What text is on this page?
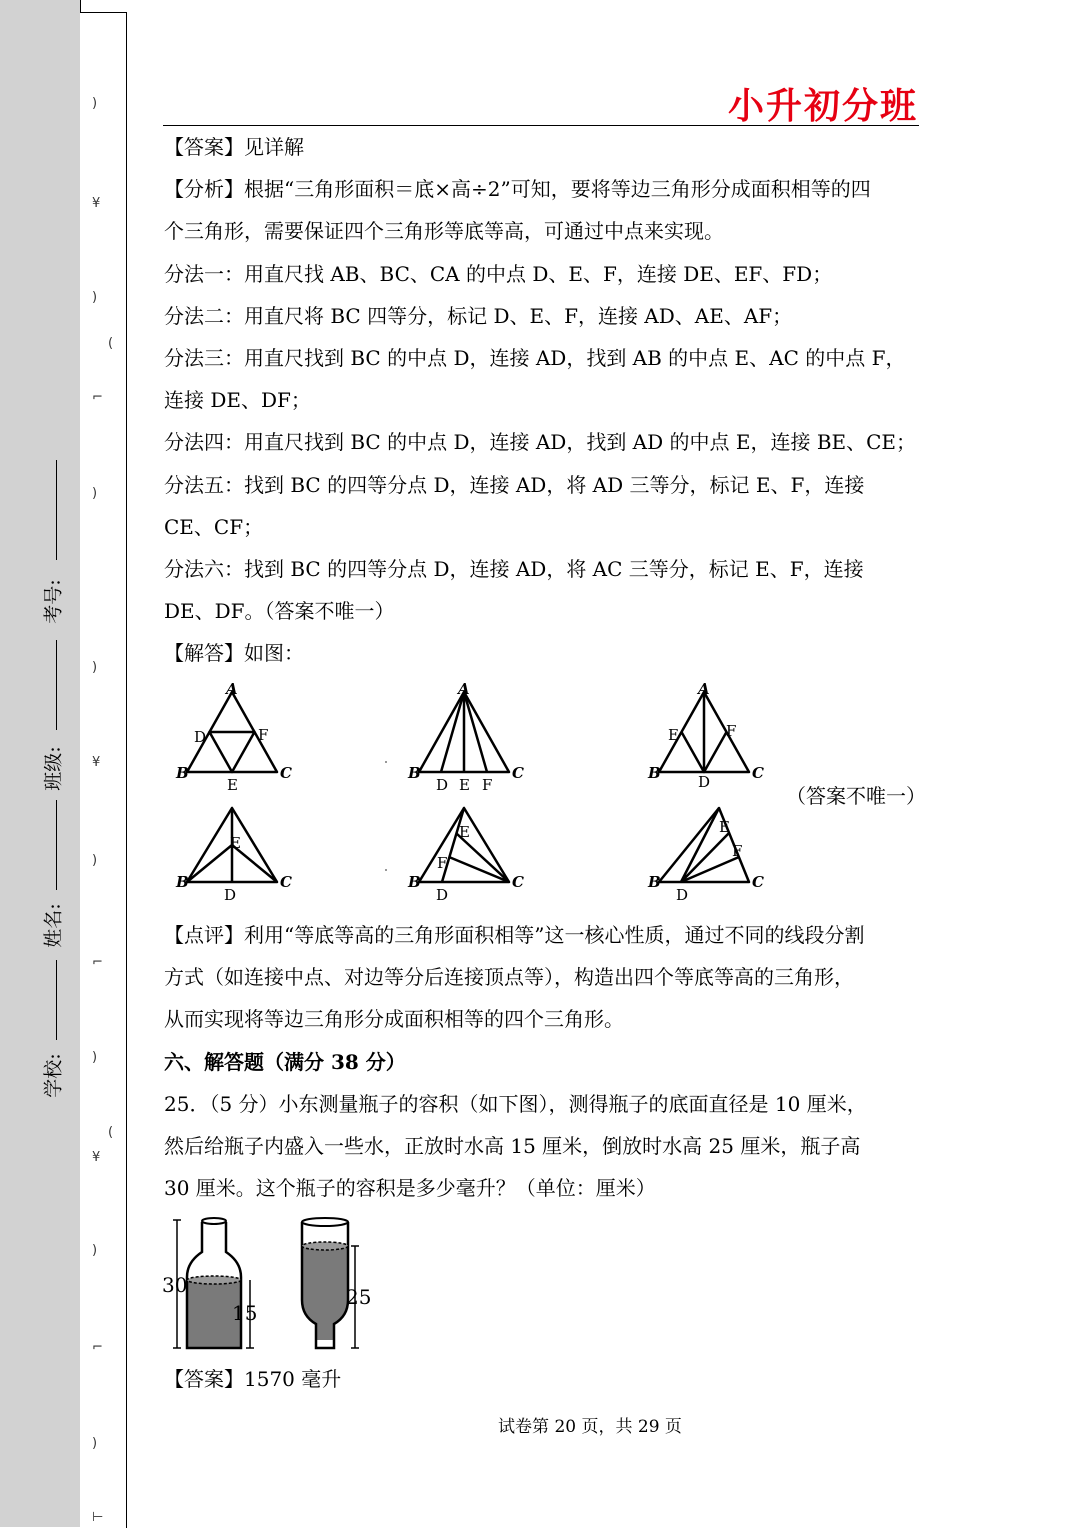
考号:
班级:
姓名:
学校:
)
¥
)
(
⌐
)
)
¥
)
⌐
)
(
¥
)
⌐
)
⊢
小升初分班

【答案】见详解

【分析】根据“三角形面积＝底×高÷2”可知，要将等边三角形分成面积相等的四

个三角形，需要保证四个三角形等底等高，可通过中点来实现。

分法一：用直尺找 AB、BC、CA 的中点 D、E、F，连接 DE、EF、FD；

分法二：用直尺将 BC 四等分，标记 D、E、F，连接 AD、AE、AF；

分法三：用直尺找到 BC 的中点 D，连接 AD，找到 AB 的中点 E、AC 的中点 F，

连接 DE、DF；

分法四：用直尺找到 BC 的中点 D，连接 AD，找到 AD 的中点 E，连接 BE、CE；

分法五：找到 BC 的四等分点 D，连接 AD，将 AD 三等分，标记 E、F，连接

CE、CF；

分法六：找到 BC 的四等分点 D，连接 AD，将 AC 三等分，标记 E、F，连接

DE、DF。（答案不唯一）

【解答】如图：

A
B	C
D	F
E
A
B	C
D E F
A
B	C
E	F
D
B	C
E
D
B	C
E
F
D
B	C
E
F
D
（答案不唯一）

【点评】利用“等底等高的三角形面积相等”这一核心性质，通过不同的线段分割

方式（如连接中点、对边等分后连接顶点等），构造出四个等底等高的三角形，

从而实现将等边三角形分成面积相等的四个三角形。

六、解答题（满分 38 分）

25．（5 分）小东测量瓶子的容积（如下图），测得瓶子的底面直径是 10 厘米，

然后给瓶子内盛入一些水，正放时水高 15 厘米，倒放时水高 25 厘米，瓶子高

30 厘米。这个瓶子的容积是多少毫升？（单位：厘米）

30
15
25
【答案】1570 毫升
试卷第 20 页，共 29 页
